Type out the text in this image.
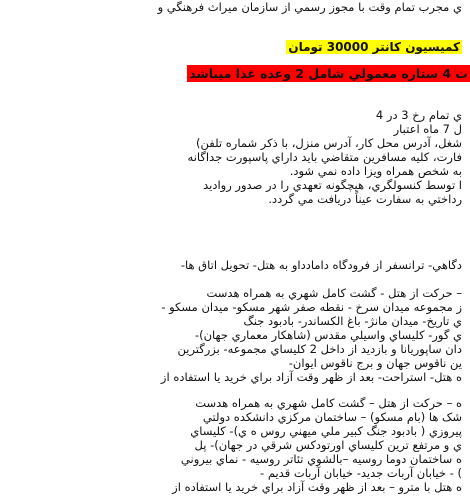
ي مجرب تمام وقت با مجوز رسمي از سازمان ميراث فرهنگي و
کميسيون کانتر 30000 تومان
ت 4 ستاره معمولي شامل 2 وعده غذا ميباشد
ي تمام رخ 3 در 4
ل 7 ماه اعتبار
شغل، آدرس محل کار، آدرس منزل، با ذکر شماره تلفن)
فارت، کليه مسافرين متقاضي بايد داراي پاسپورت جداگانه
به شخص همراه ويزا داده نمي شود.
ا توسط کنسولگري، هيچگونه تعهدي را در صدور رواديد
رداختي به سفارت عيناً دريافت مي گردد.
دگاهي- ترانسفر از فرودگاه دامادداو به هتل- تحويل اتاق ها-
– حرکت از هتل - گشت کامل شهري به همراه هدست
ز مجموعه ميدان سرخ - نقطه صفر شهر مسکو- ميدان مسکو -
ي تاريخ- ميدان مانژ- باغ الکساندر- بادبود جنگ
ي گور- کليساي واسيلي مقدس (شاهکار معماري جهان)-
دان ساپوريانا و بازديد از داخل 2 کليساي مجموعه- بزرگترين
ين ناقوس جهان و برج ناقوس ايوان-
ه هتل- استراحت- بعد از ظهر وقت آزاد براي خريد يا استفاده از
ه – حرکت از هتل – گشت کامل شهري به همراه هدست
شک ها (بام مسکو) – ساختمان مرکزي دانشکده دولتي
پيروزي ( بادبود جنگ کبير ملي ميهني روس ه ي)- کليساي
ي و مرتفع ترين کليساي اورتودکس شرقي در جهان)- پل
ه ساختمان دوما روسيه –بالشوي تئاتر روسيه - نماي بيروني
) - خيابان آربات جديد- خيابان آربات قديم -
ه هتل با مترو – بعد از ظهر وقت آزاد براي خريد يا استفاده از
